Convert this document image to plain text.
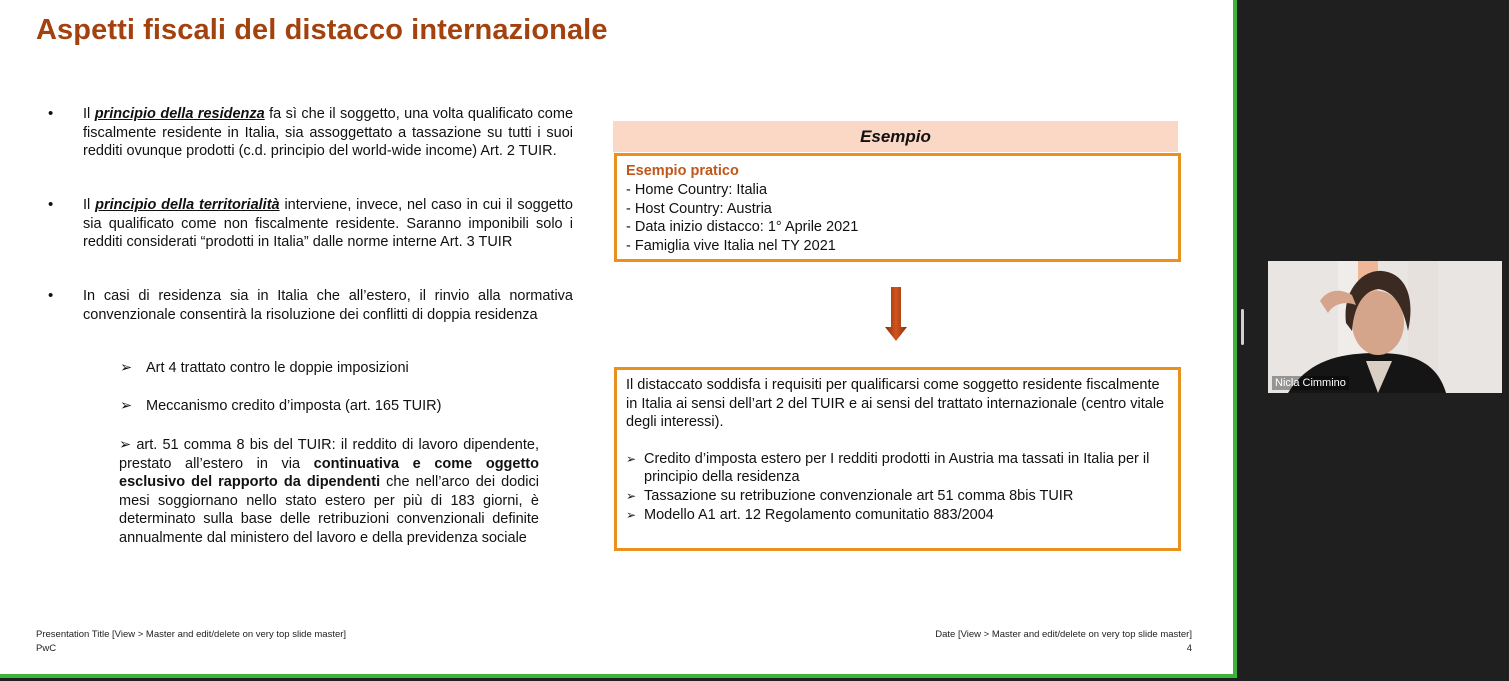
Aspetti fiscali del distacco internazionale
• Il principio della residenza fa sì che il soggetto, una volta qualificato come fiscalmente residente in Italia, sia assoggettato a tassazione su tutti i suoi redditi ovunque prodotti (c.d. principio del world-wide income) Art. 2 TUIR.
• Il principio della territorialità interviene, invece, nel caso in cui il soggetto sia qualificato come non fiscalmente residente. Saranno imponibili solo i redditi considerati “prodotti in Italia” dalle norme interne Art. 3 TUIR
• In casi di residenza sia in Italia che all’estero, il rinvio alla normativa convenzionale consentirà la risoluzione dei conflitti di doppia residenza
➢ Art 4 trattato contro le doppie imposizioni
➢ Meccanismo credito d’imposta (art. 165 TUIR)
➢ art. 51 comma 8 bis del TUIR: il reddito di lavoro dipendente, prestato all’estero in via continuativa e come oggetto esclusivo del rapporto da dipendenti che nell’arco dei dodici mesi soggiornano nello stato estero per più di 183 giorni, è determinato sulla base delle retribuzioni convenzionali definite annualmente dal ministero del lavoro e della previdenza sociale
Esempio
Esempio pratico
- Home Country: Italia
- Host Country: Austria
- Data inizio distacco: 1° Aprile 2021
- Famiglia vive Italia nel TY 2021
Il distaccato soddisfa i requisiti per qualificarsi come soggetto residente fiscalmente in Italia ai sensi dell’art 2 del TUIR e ai sensi del trattato internazionale (centro vitale degli interessi).
➢ Credito d’imposta estero per I redditi prodotti in Austria ma tassati in Italia per il principio della residenza
➢ Tassazione su retribuzione convenzionale art 51 comma 8bis TUIR
➢ Modello A1 art. 12 Regolamento comunitatio 883/2004
Presentation Title [View > Master and edit/delete on very top slide master]
PwC
Date [View > Master and edit/delete on very top slide master]
4
Nicla Cimmino
